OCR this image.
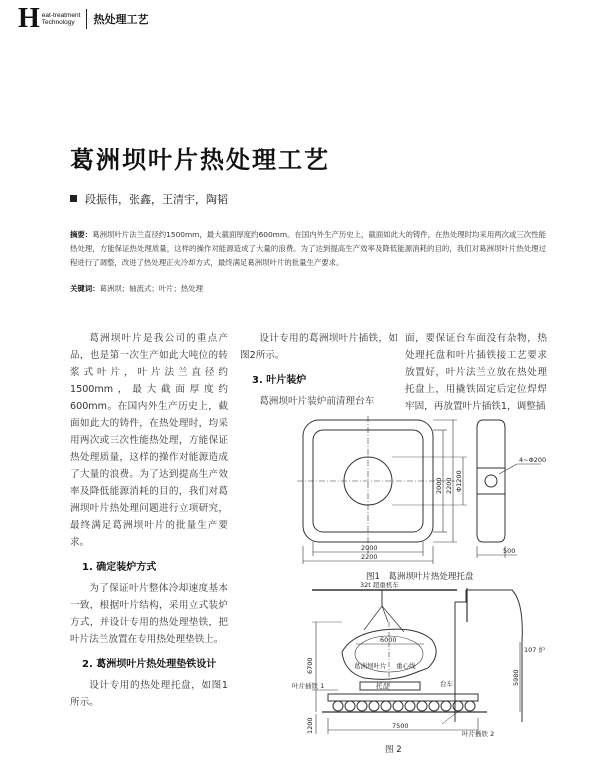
H eat-treatment
Technology	热处理工艺
葛洲坝叶片热处理工艺
段振伟，张鑫，王清宇，陶韬
摘要：葛洲坝叶片法兰直径约1500mm，最大截面厚度约600mm。在国内外生产历史上，截面如此大的铸件，在热处理时均采用两次或三次性能热处理，方能保证热处理质量，这样的操作对能源造成了大量的浪费。为了达到提高生产效率及降低能源消耗的目的，我们对葛洲坝叶片热处理过程进行了调整，改进了热处理正火冷却方式，最终满足葛洲坝叶片的批量生产要求。
关键词：葛洲坝；轴流式；叶片；热处理

葛洲坝叶片是我公司的重点产品，也是第一次生产如此大吨位的转浆式叶片，叶片法兰直径约1500mm，最大截面厚度约600mm。在国内外生产历史上，截面如此大的铸件，在热处理时，均采用两次或三次性能热处理，方能保证热处理质量，这样的操作对能源造成了大量的浪费。为了达到提高生产效率及降低能源消耗的目的，我们对葛洲坝叶片热处理问题进行立项研究，最终满足葛洲坝叶片的批量生产要求。

1. 确定装炉方式

为了保证叶片整体冷却速度基本一致，根据叶片结构，采用立式装炉方式，并设计专用的热处理垫铁，把叶片法兰放置在专用热处理垫铁上。

2. 葛洲坝叶片热处理垫铁设计

设计专用的热处理托盘，如图1所示。

设计专用的葛洲坝叶片插铁，如图2所示。

3. 叶片装炉

葛洲坝叶片装炉前清理台车

面，要保证台车面没有杂物，热处理托盘和叶片插铁接工艺要求放置好，叶片法兰立放在热处理托盘上，用撬铁固定后定位焊焊牢固，再放置叶片插铁1，调整插

2000
2200
2000 2200 Φ1200
4~Φ200
500
图1　葛洲坝叶片热处理托盘
32t 超重机车
6000
葛洲坝叶片 重心线
台车
托盘
叶片插铁 1
叶片插铁 2
107 炉
6700
5980
1200	7500
图 2
